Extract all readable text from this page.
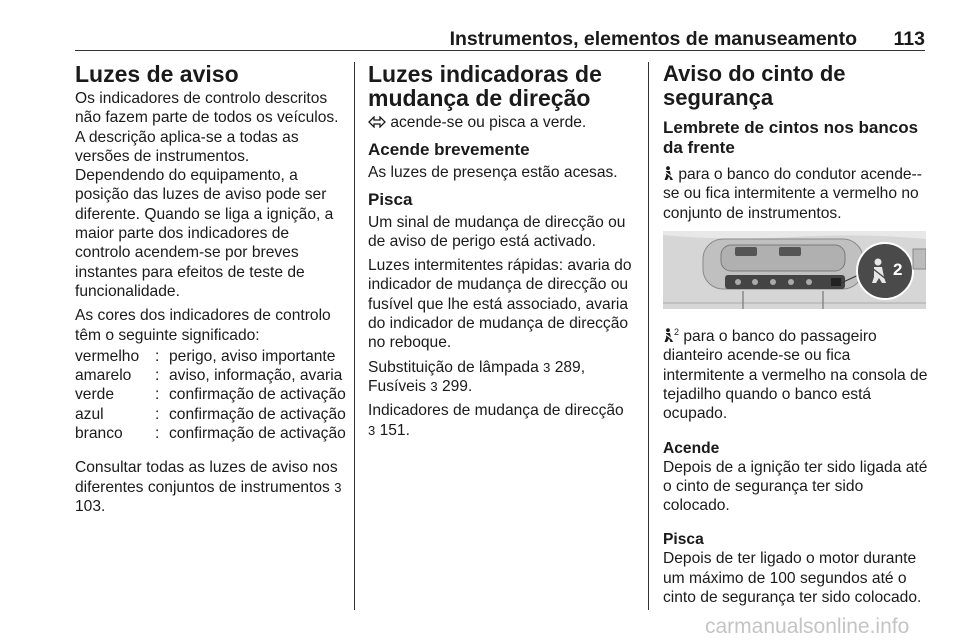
Instrumentos, elementos de manuseamento 113
Luzes de aviso

Os indicadores de controlo descritos não fazem parte de todos os veículos. A descrição aplica-se a todas as versões de instrumentos.

Dependendo do equipamento, a posição das luzes de aviso pode ser diferente. Quando se liga a ignição, a maior parte dos indicadores de controlo acendem-se por breves instantes para efeitos de teste de funcionalidade.

As cores dos indicadores de controlo têm o seguinte significado:

vermelho	:	perigo, aviso importante
amarelo	:	aviso, informação, avaria
verde	:	confirmação de activação
azul	:	confirmação de activação
branco	:	confirmação de activação

Consultar todas as luzes de aviso nos diferentes conjuntos de instrumentos 3 103.

Luzes indicadoras de mudança de direção

acende-se ou pisca a verde.

Acende brevemente

As luzes de presença estão acesas.

Pisca

Um sinal de mudança de direcção ou de aviso de perigo está activado.

Luzes intermitentes rápidas: avaria do indicador de mudança de direcção ou fusível que lhe está associado, avaria do indicador de mudança de direcção no reboque.

Substituição de lâmpada 3 289,
Fusíveis 3 299.

Indicadores de mudança de direcção
3 151.

Aviso do cinto de segurança
Lembrete de cintos nos bancos da frente

para o banco do condutor acende--se ou fica intermitente a vermelho no conjunto de instrumentos.

2

$^2$ para o banco do passageiro dianteiro acende-se ou fica intermitente a vermelho na consola de tejadilho quando o banco está ocupado.

Acende

Depois de a ignição ter sido ligada até o cinto de segurança ter sido colocado.

Pisca

Depois de ter ligado o motor durante um máximo de 100 segundos até o cinto de segurança ter sido colocado.

carmanualsonline.info
